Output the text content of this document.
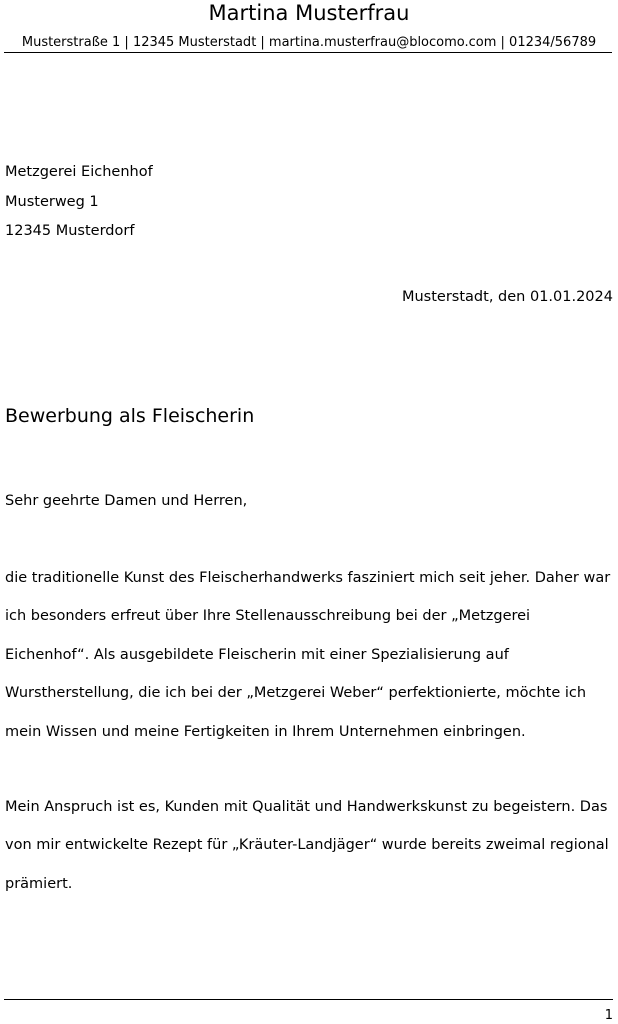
Martina Musterfrau
Musterstraße 1 | 12345 Musterstadt | martina.musterfrau@blocomo.com | 01234/56789
Metzgerei Eichenhof
Musterweg 1
12345 Musterdorf
Musterstadt, den 01.01.2024
Bewerbung als Fleischerin
Sehr geehrte Damen und Herren,
die traditionelle Kunst des Fleischerhandwerks fasziniert mich seit jeher. Daher war
ich besonders erfreut über Ihre Stellenausschreibung bei der „Metzgerei
Eichenhof“. Als ausgebildete Fleischerin mit einer Spezialisierung auf
Wurstherstellung, die ich bei der „Metzgerei Weber“ perfektionierte, möchte ich
mein Wissen und meine Fertigkeiten in Ihrem Unternehmen einbringen.
Mein Anspruch ist es, Kunden mit Qualität und Handwerkskunst zu begeistern. Das
von mir entwickelte Rezept für „Kräuter-Landjäger“ wurde bereits zweimal regional
prämiert.
1
